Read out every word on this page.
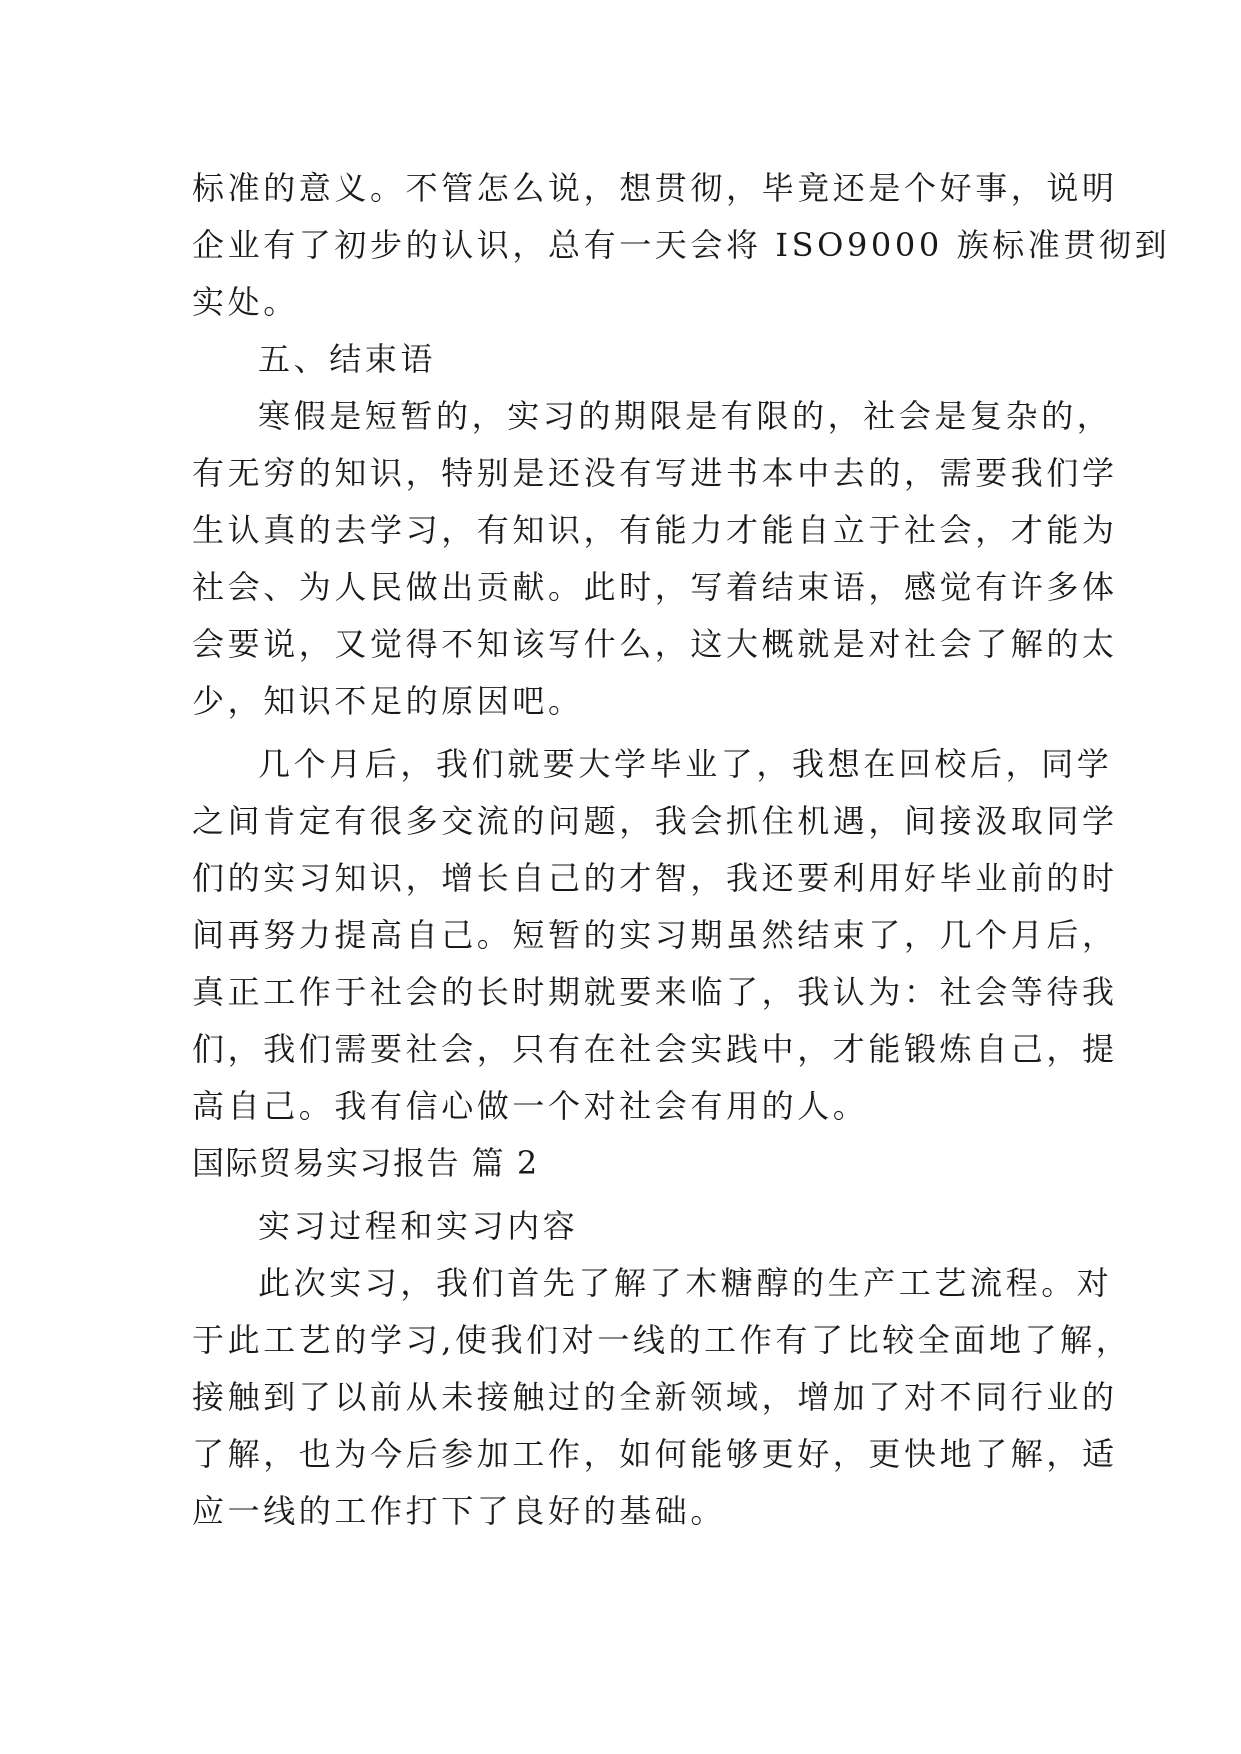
标准的意义。不管怎么说，想贯彻，毕竟还是个好事，说明
企业有了初步的认识，总有一天会将 ISO9000 族标准贯彻到
实处。
五、结束语
寒假是短暂的，实习的期限是有限的，社会是复杂的，
有无穷的知识，特别是还没有写进书本中去的，需要我们学
生认真的去学习，有知识，有能力才能自立于社会，才能为
社会、为人民做出贡献。此时，写着结束语，感觉有许多体
会要说，又觉得不知该写什么，这大概就是对社会了解的太
少，知识不足的原因吧。
几个月后，我们就要大学毕业了，我想在回校后，同学
之间肯定有很多交流的问题，我会抓住机遇，间接汲取同学
们的实习知识，增长自己的才智，我还要利用好毕业前的时
间再努力提高自己。短暂的实习期虽然结束了，几个月后，
真正工作于社会的长时期就要来临了，我认为：社会等待我
们，我们需要社会，只有在社会实践中，才能锻炼自己，提
高自己。我有信心做一个对社会有用的人。
国际贸易实习报告 篇 2
实习过程和实习内容
此次实习，我们首先了解了木糖醇的生产工艺流程。对
于此工艺的学习,使我们对一线的工作有了比较全面地了解，
接触到了以前从未接触过的全新领域，增加了对不同行业的
了解，也为今后参加工作，如何能够更好，更快地了解，适
应一线的工作打下了良好的基础。
